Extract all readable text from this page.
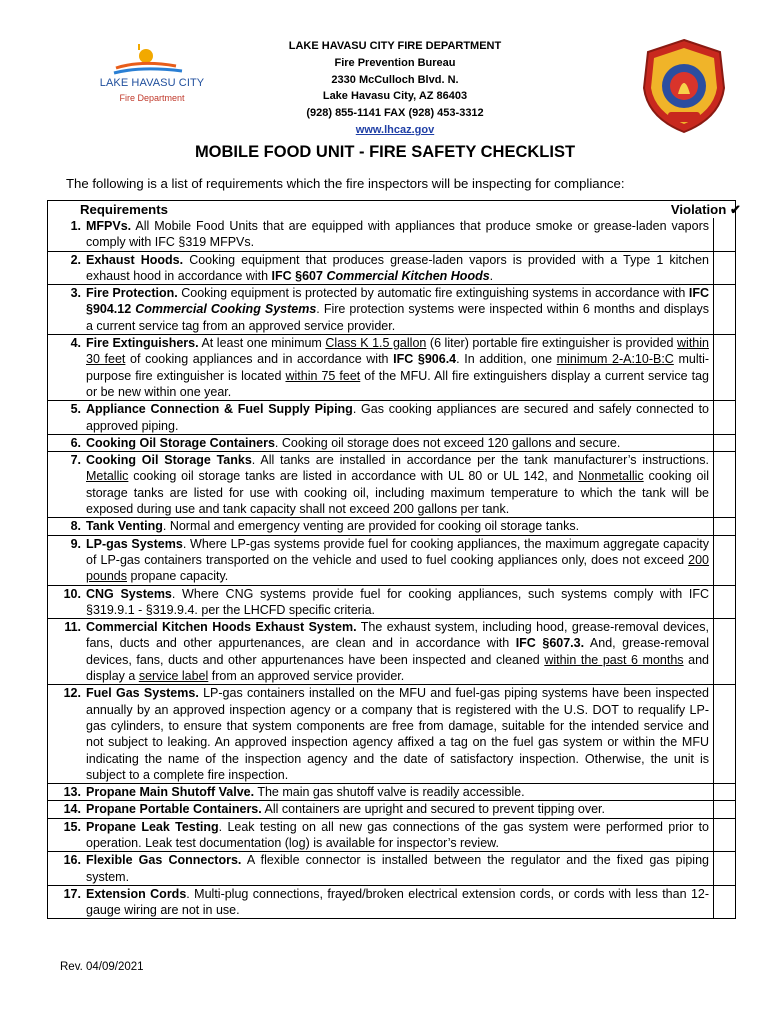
LAKE HAVASU CITY
Fire Department
LAKE HAVASU CITY FIRE DEPARTMENT
Fire Prevention Bureau
2330 McCulloch Blvd. N.
Lake Havasu City, AZ 86403
(928) 855-1141 FAX (928) 453-3312
www.lhcaz.gov
MOBILE FOOD UNIT - FIRE SAFETY CHECKLIST
The following is a list of requirements which the fire inspectors will be inspecting for compliance:
Requirements	Violation ✔
1. MFPVs. All Mobile Food Units that are equipped with appliances that produce smoke or grease-laden vapors comply with IFC §319 MFPVs.
2. Exhaust Hoods. Cooking equipment that produces grease-laden vapors is provided with a Type 1 kitchen exhaust hood in accordance with IFC §607 Commercial Kitchen Hoods.
3. Fire Protection. Cooking equipment is protected by automatic fire extinguishing systems in accordance with IFC §904.12 Commercial Cooking Systems. Fire protection systems were inspected within 6 months and displays a current service tag from an approved service provider.
4. Fire Extinguishers. At least one minimum Class K 1.5 gallon (6 liter) portable fire extinguisher is provided within 30 feet of cooking appliances and in accordance with IFC §906.4. In addition, one minimum 2-A:10-B:C multi-purpose fire extinguisher is located within 75 feet of the MFU. All fire extinguishers display a current service tag or be new within one year.
5. Appliance Connection & Fuel Supply Piping. Gas cooking appliances are secured and safely connected to approved piping.
6. Cooking Oil Storage Containers. Cooking oil storage does not exceed 120 gallons and secure.
7. Cooking Oil Storage Tanks. All tanks are installed in accordance per the tank manufacturer’s instructions. Metallic cooking oil storage tanks are listed in accordance with UL 80 or UL 142, and Nonmetallic cooking oil storage tanks are listed for use with cooking oil, including maximum temperature to which the tank will be exposed during use and tank capacity shall not exceed 200 gallons per tank.
8. Tank Venting. Normal and emergency venting are provided for cooking oil storage tanks.
9. LP-gas Systems. Where LP-gas systems provide fuel for cooking appliances, the maximum aggregate capacity of LP-gas containers transported on the vehicle and used to fuel cooking appliances only, does not exceed 200 pounds propane capacity.
10. CNG Systems. Where CNG systems provide fuel for cooking appliances, such systems comply with IFC §319.9.1 - §319.9.4. per the LHCFD specific criteria.
11. Commercial Kitchen Hoods Exhaust System. The exhaust system, including hood, grease-removal devices, fans, ducts and other appurtenances, are clean and in accordance with IFC §607.3. And, grease-removal devices, fans, ducts and other appurtenances have been inspected and cleaned within the past 6 months and display a service label from an approved service provider.
12. Fuel Gas Systems. LP-gas containers installed on the MFU and fuel-gas piping systems have been inspected annually by an approved inspection agency or a company that is registered with the U.S. DOT to requalify LP-gas cylinders, to ensure that system components are free from damage, suitable for the intended service and not subject to leaking. An approved inspection agency affixed a tag on the fuel gas system or within the MFU indicating the name of the inspection agency and the date of satisfactory inspection. Otherwise, the unit is subject to a complete fire inspection.
13. Propane Main Shutoff Valve. The main gas shutoff valve is readily accessible.
14. Propane Portable Containers. All containers are upright and secured to prevent tipping over.
15. Propane Leak Testing. Leak testing on all new gas connections of the gas system were performed prior to operation. Leak test documentation (log) is available for inspector’s review.
16. Flexible Gas Connectors. A flexible connector is installed between the regulator and the fixed gas piping system.
17. Extension Cords. Multi-plug connections, frayed/broken electrical extension cords, or cords with less than 12-gauge wiring are not in use.
Rev. 04/09/2021
